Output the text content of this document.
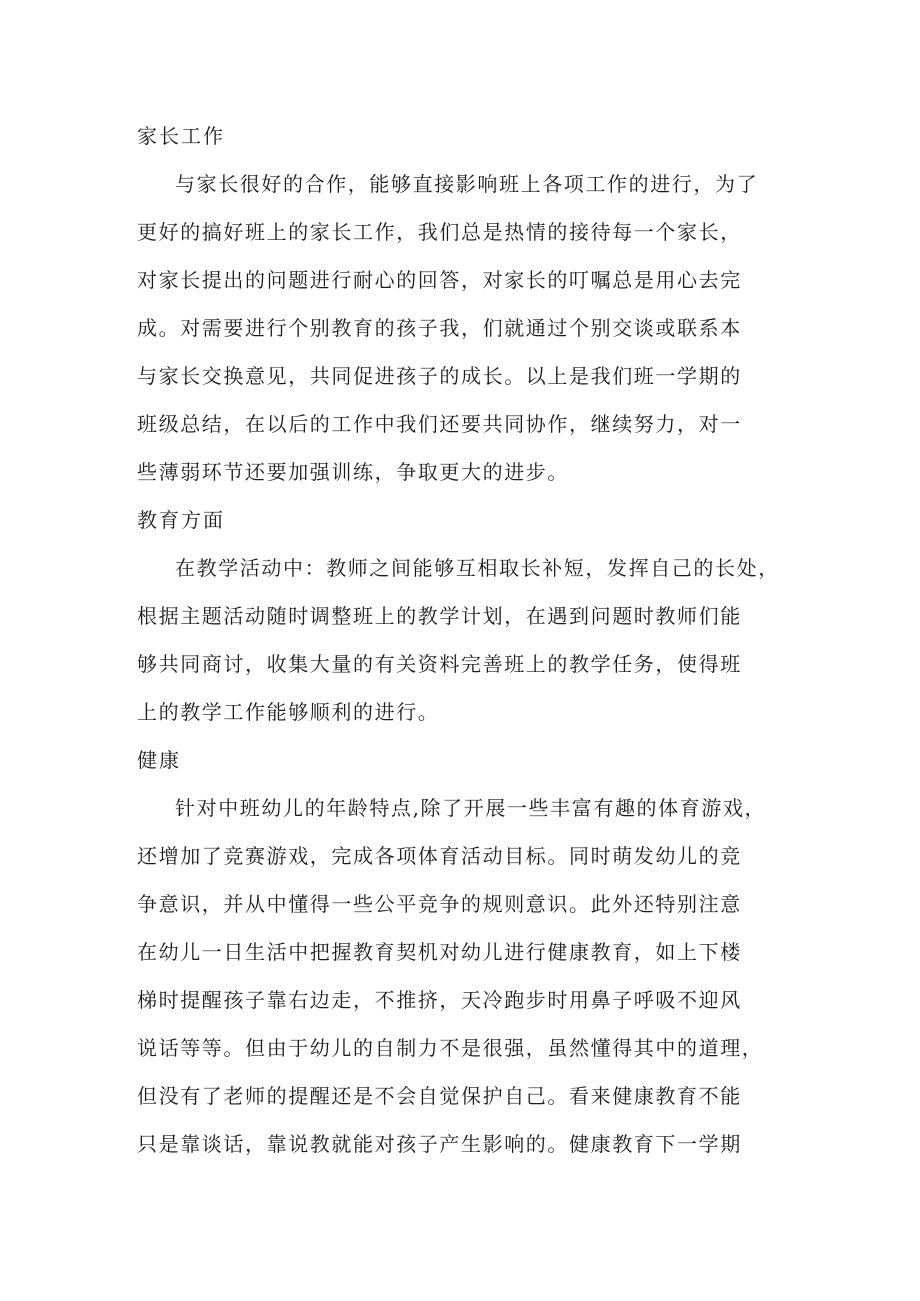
家长工作
与家长很好的合作，能够直接影响班上各项工作的进行，为了
更好的搞好班上的家长工作，我们总是热情的接待每一个家长，
对家长提出的问题进行耐心的回答，对家长的叮嘱总是用心去完
成。对需要进行个别教育的孩子我，们就通过个别交谈或联系本
与家长交换意见，共同促进孩子的成长。以上是我们班一学期的
班级总结，在以后的工作中我们还要共同协作，继续努力，对一
些薄弱环节还要加强训练，争取更大的进步。
教育方面
在教学活动中：教师之间能够互相取长补短，发挥自己的长处，
根据主题活动随时调整班上的教学计划，在遇到问题时教师们能
够共同商讨，收集大量的有关资料完善班上的教学任务，使得班
上的教学工作能够顺利的进行。
健康
针对中班幼儿的年龄特点,除了开展一些丰富有趣的体育游戏，
还增加了竞赛游戏，完成各项体育活动目标。同时萌发幼儿的竞
争意识，并从中懂得一些公平竞争的规则意识。此外还特别注意
在幼儿一日生活中把握教育契机对幼儿进行健康教育，如上下楼
梯时提醒孩子靠右边走，不推挤，天冷跑步时用鼻子呼吸不迎风
说话等等。但由于幼儿的自制力不是很强，虽然懂得其中的道理，
但没有了老师的提醒还是不会自觉保护自己。看来健康教育不能
只是靠谈话，靠说教就能对孩子产生影响的。健康教育下一学期
